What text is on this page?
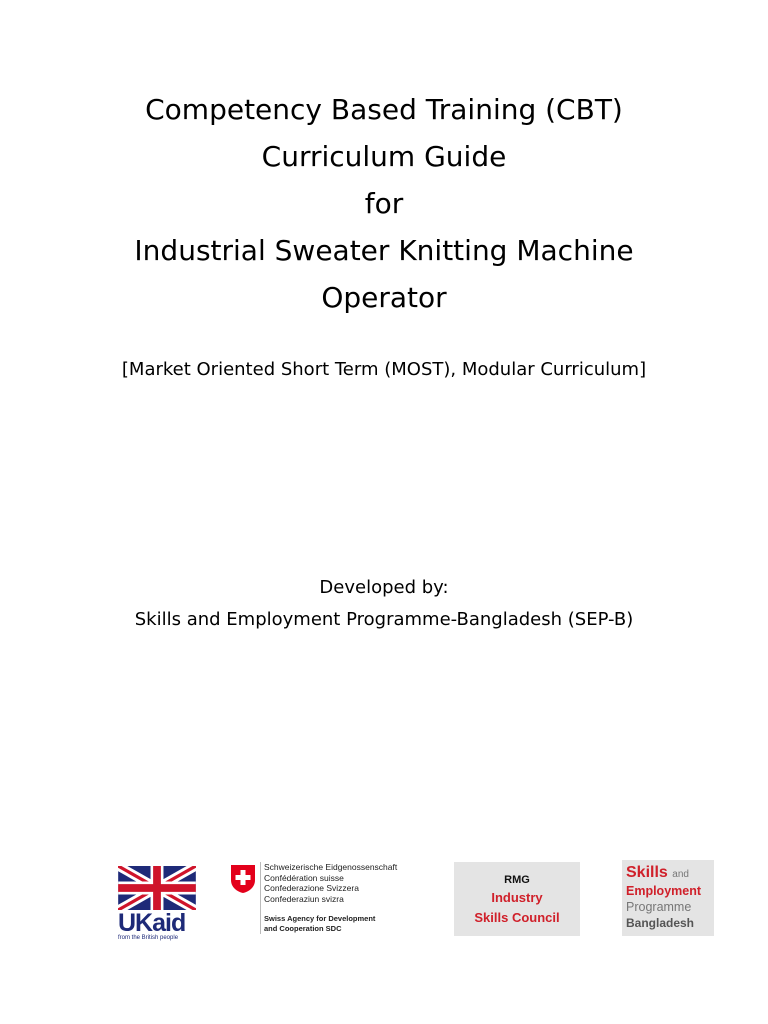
Competency Based Training (CBT)
Curriculum Guide
for
Industrial Sweater Knitting Machine
Operator
[Market Oriented Short Term (MOST), Modular Curriculum]
Developed by:
Skills and Employment Programme-Bangladesh (SEP-B)
UKaid
from the British people
Schweizerische Eidgenossenschaft
Confédération suisse
Confederazione Svizzera
Confederaziun svizra
Swiss Agency for Development
and Cooperation SDC
RMG
Industry
Skills Council
Skills and
Employment
Programme
Bangladesh
